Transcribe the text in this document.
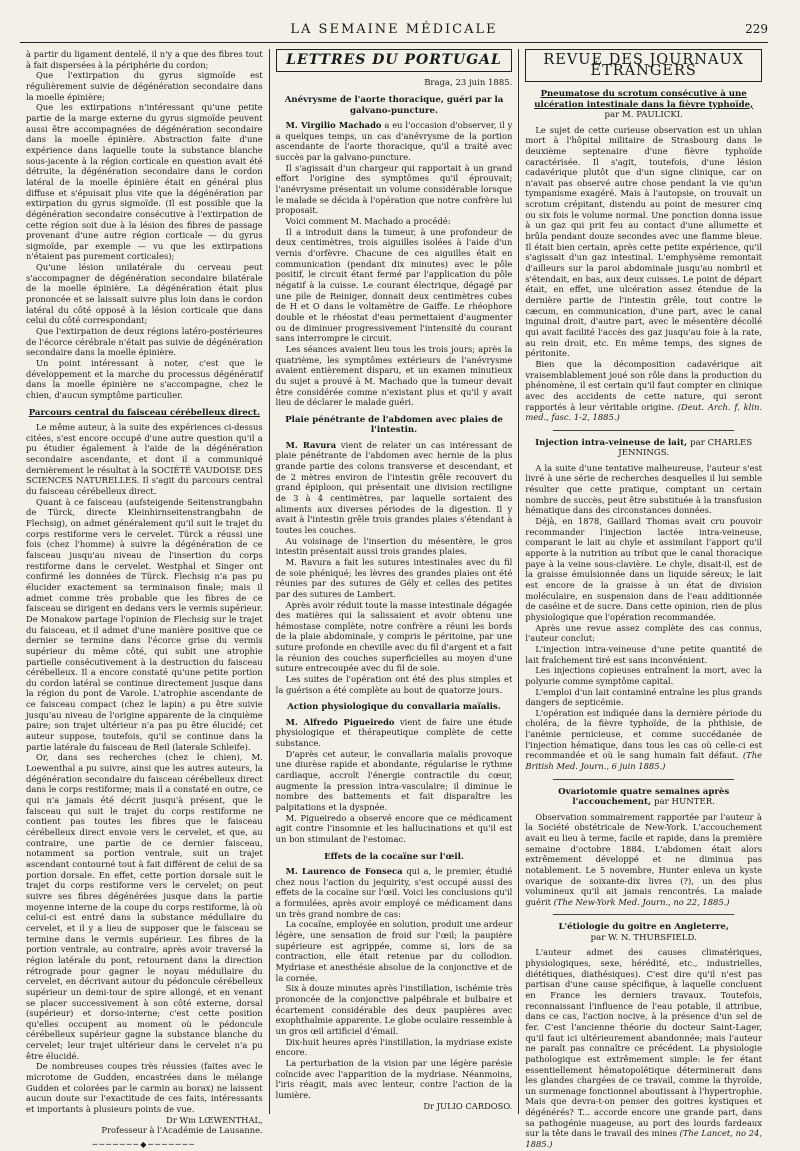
LA SEMAINE MÉDICALE	229

à partir du ligament dentelé, il n'y a que des fibres tout à fait dispersées à la périphérie du cordon;

Que l'extirpation du gyrus sigmoïde est régulièrement suivie de dégénération secondaire dans la moelle épinière;

Que les extirpations n'intéressant qu'une petite partie de la marge externe du gyrus sigmoïde peuvent aussi être accompagnées de dégénération secondaire dans la moelle épinière. Abstraction faite d'une expérience dans laquelle toute la substance blanche sous-jacente à la région corticale en question avait été détruite, la dégénération secondaire dans le cordon latéral de la moelle épinière était en général plus diffuse et s'épuisait plus vite que la dégénération par extirpation du gyrus sigmoïde. (Il est possible que la dégénération secondaire consécutive à l'extirpation de cette région soit due à la lésion des fibres de passage provenant d'une autre région corticale — du gyrus sigmoïde, par exemple — vu que les extirpations n'étaient pas purement corticales);

Qu'une lésion unilatérale du cerveau peut s'accompagner de dégénération secondaire bilatérale de la moelle épinière. La dégénération était plus prononcée et se laissait suivre plus loin dans le cordon latéral du côté opposé à la lésion corticale que dans celui du côté correspondant;

Que l'extirpation de deux régions latéro-postérieures de l'écorce cérébrale n'était pas suivie de dégénération secondaire dans la moelle épinière.

Un point intéressant à noter, c'est que le développement et la marche du processus dégénératif dans la moelle épinière ne s'accompagne, chez le chien, d'aucun symptôme particulier.

Parcours central du faisceau cérébelleux direct.

Le même auteur, à la suite des expériences ci-dessus citées, s'est encore occupé d'une autre question qu'il a pu étudier également à l'aide de la dégénération secondaire ascendante, et dont il a communiqué dernièrement le résultat à la SOCIÉTÉ VAUDOISE DES SCIENCES NATURELLES. Il s'agit du parcours central du faisceau cérébelleux direct.

Quant à ce faisceau (aufsteigende Seitenstrangbahn de Türck, directe Kleinhirnseitenstrangbahn de Flechsig), on admet généralement qu'il suit le trajet du corps restiforme vers le cervelet. Türck a réussi une fois (chez l'homme) à suivre la dégénération de ce faisceau jusqu'au niveau de l'insertion du corps restiforme dans le cervelet. Westphal et Singer ont confirmé les données de Türck. Flechsig n'a pas pu élucider exactement sa terminaison finale; mais il admet comme très probable que les fibres de ce faisceau se dirigent en dedans vers le vermis supérieur. De Monakow partage l'opinion de Flechsig sur le trajet du faisceau, et il admet d'une manière positive que ce dernier se termine dans l'écorce grise du vermis supérieur du même côté, qui subit une atrophie partielle consécutivement à la destruction du faisceau cérébelleux. Il a encore constaté qu'une petite portion du cordon latéral se continue directement jusque dans la région du pont de Varole. L'atrophie ascendante de ce faisceau compact (chez le lapin) a pu être suivie jusqu'au niveau de l'origine apparente de la cinquième paire; son trajet ultérieur n'a pas pu être élucidé; cet auteur suppose, toutefois, qu'il se continue dans la partie latérale du faisceau de Reil (laterale Schleife).

Or, dans ses recherches (chez le chien), M. Loewenthal a pu suivre, ainsi que les autres auteurs, la dégénération secondaire du faisceau cérébelleux direct dans le corps restiforme; mais il a constaté en outre, ce qui n'a jamais été décrit jusqu'à présent, que le faisceau qui suit le trajet du corps restiforme ne contient pas toutes les fibres que le faisceau cérébelleux direct envoie vers le cervelet, et que, au contraire, une partie de ce dernier faisceau, notamment sa portion ventrale, suit un trajet ascendant contourné tout à fait différent de celui de sa portion dorsale. En effet, cette portion dorsale suit le trajet du corps restiforme vers le cervelet; on peut suivre ses fibres dégénérées jusque dans la partie moyenne interne de la coupe du corps restiforme, là où celui-ci est entré dans la substance médullaire du cervelet, et il y a lieu de supposer que le faisceau se termine dans le vermis supérieur. Les fibres de la portion ventrale, au contraire, après avoir traversé la région latérale du pont, retournent dans la direction rétrograde pour gagner le noyau médullaire du cervelet, en décrivant autour du pédoncule cérébelleux supérieur un demi-tour de spire allongé, et en venant se placer successivement à son côté externe, dorsal (supérieur) et dorso-interne; c'est cette position qu'elles occupent au moment où le pédoncule cérébelleux supérieur gagne la substance blanche du cervelet; leur trajet ultérieur dans le cervelet n'a pu être élucidé.

De nombreuses coupes très réussies (faites avec le microtome de Gudden, encastrées dans le mélange Gudden et colorées par le carmin au borax) ne laissent aucun doute sur l'exactitude de ces faits, intéressants et importants à plusieurs points de vue.

Dr Wm LŒWENTHAL,

Professeur à l'Académie de Lausanne.

───────◆───────
LETTRES DU PORTUGAL
Braga, 23 juin 1885.
Anévrysme de l'aorte thoracique, guéri par la galvano-puncture.

M. Virgilio Machado a eu l'occasion d'observer, il y a quelques temps, un cas d'anévrysme de la portion ascendante de l'aorte thoracique, qu'il a traité avec succès par la galvano-puncture.

Il s'agissait d'un chargeur qui rapportait à un grand effort l'origine des symptômes qu'il éprouvait; l'anévrysme présentait un volume considérable lorsque le malade se décida à l'opération que notre confrère lui proposait.

Voici comment M. Machado a procédé:

Il a introduit dans la tumeur, à une profondeur de deux centimètres, trois aiguilles isolées à l'aide d'un vernis d'orfèvre. Chacune de ces aiguilles était en communication (pendant dix minutes) avec le pôle positif, le circuit étant fermé par l'application du pôle négatif à la cuisse. Le courant électrique, dégagé par une pile de Reiniger, donnait deux centimètres cubes de H et O dans le voltamètre de Gaiffe. Le rhéophore double et le rhéostat d'eau permettaient d'augmenter ou de diminuer progressivement l'intensité du courant sans interrompre le circuit.

Les séances avaient lieu tous les trois jours; après la quatrième, les symptômes extérieurs de l'anévrysme avaient entièrement disparu, et un examen minutieux du sujet a prouvé à M. Machado que la tumeur devait être considérée comme n'existant plus et qu'il y avait lieu de déclarer le malade guéri.

Plaie pénétrante de l'abdomen avec plaies de l'intestin.

M. Ravura vient de relater un cas intéressant de plaie pénétrante de l'abdomen avec hernie de la plus grande partie des colons transverse et descendant, et de 2 mètres environ de l'intestin grêle recouvert du grand épiploon, qui présentait une division rectiligne de 3 à 4 centimètres, par laquelle sortaient des aliments aux diverses périodes de la digestion. Il y avait à l'intestin grêle trois grandes plaies s'étendant à toutes les couches.

Au voisinage de l'insertion du mésentère, le gros intestin présentait aussi trois grandes plaies.

M. Ravura a fait les sutures intestinales avec du fil de soie phéniqué; les lèvres des grandes plaies ont été réunies par des sutures de Gély et celles des petites par des sutures de Lambert.

Après avoir réduit toute la masse intestinale dégagée des matières qui la salissaient et avoir obtenu une hémostase complète, notre confrère a réuni les bords de la plaie abdominale, y compris le péritoine, par une suture profonde en cheville avec du fil d'argent et a fait la réunion des couches superficielles au moyen d'une suture entrecoupée avec du fil de soie.

Les suites de l'opération ont été des plus simples et la guérison a été complète au bout de quatorze jours.

Action physiologique du convallaria maïalis.

M. Alfredo Pigueiredo vient de faire une étude physiologique et thérapeutique complète de cette substance.

D'après cet auteur, le convallaria maïalis provoque une diurèse rapide et abondante, régularise le rythme cardiaque, accroît l'énergie contractile du cœur, augmente la pression intra-vasculaire; il diminue le nombre des battements et fait disparaître les palpitations et la dyspnée.

M. Pigueiredo a observé encore que ce médicament agit contre l'insomnie et les hallucinations et qu'il est un bon stimulant de l'estomac.

Effets de la cocaïne sur l'œil.

M. Laurenco de Fonseca qui a, le premier, étudié chez nous l'action du jequirity, s'est occupé aussi des effets de la cocaïne sur l'œil. Voici les conclusions qu'il a formulées, après avoir employé ce médicament dans un très grand nombre de cas:

La cocaïne, employée en solution, produit une ardeur légère, une sensation de froid sur l'œil; la paupière supérieure est agrippée, comme si, lors de sa contraction, elle était retenue par du collodion. Mydriase et anesthésie absolue de la conjonctive et de la cornée.

Six à douze minutes après l'instillation, ischémie très prononcée de la conjonctive palpébrale et bulbaire et écartement considérable des deux paupières avec exophthalmie apparente. Le globe oculaire ressemble à un gros œil artificiel d'émail.

Dix-huit heures après l'instillation, la mydriase existe encore.

La perturbation de la vision par une légère parésie coïncide avec l'apparition de la mydriase. Néanmoins, l'iris réagit, mais avec lenteur, contre l'action de la lumière.

Dr JULIO CARDOSO.

REVUE DES JOURNAUX ÉTRANGERS
Pneumatose du scrotum consécutive à une ulcération intestinale dans la fièvre typhoïde,
par M. PAULICKI.

Le sujet de cette curieuse observation est un uhlan mort à l'hôpital militaire de Strasbourg dans le deuxième septenaire d'une fièvre typhoïde caractérisée. Il s'agit, toutefois, d'une lésion cadavérique plutôt que d'un signe clinique, car on n'avait pas observé autre chose pendant la vie qu'un tympanisme exagéré. Mais à l'autopsie, on trouvait un scrotum crépitant, distendu au point de mesurer cinq ou six fois le volume normal. Une ponction donna issue à un gaz qui prit feu au contact d'une allumette et brûla pendant douze secondes avec une flamme bleue. Il était bien certain, après cette petite expérience, qu'il s'agissait d'un gaz intestinal. L'emphysème remontait d'ailleurs sur la paroi abdominale jusqu'au nombril et s'étendait, en bas, aux deux cuisses. Le point de départ était, en effet, une ulcération assez étendue de la dernière partie de l'intestin grêle, tout contre le cæcum, en communication, d'une part, avec le canal inguinal droit, d'autre part, avec le mésentère décollé qui avait facilité l'accès des gaz jusqu'au foie à la rate, au rein droit, etc. En même temps, des signes de péritonite.

Bien que la décomposition cadavérique ait vraisemblablement joué son rôle dans la production du phénomène, il est certain qu'il faut compter en clinique avec des accidents de cette nature, qui seront rapportés à leur véritable origine. (Deut. Arch. f. klin. med., fasc. 1-2, 1885.)

Injection intra-veineuse de lait, par CHARLES JENNINGS.

A la suite d'une tentative malheureuse, l'auteur s'est livré à une série de recherches desquelles il lui semble résulter que cette pratique, comptant un certain nombre de succès, peut être substituée à la transfusion hématique dans des circonstances données.

Déjà, en 1878, Gaillard Thomas avait cru pouvoir recommander l'injection lactée intra-veineuse, comparant le lait au chyle et assimilant l'apport qu'il apporte à la nutrition au tribut que le canal thoracique paye à la veine sous-clavière. Le chyle, disait-il, est de la graisse émulsionnée dans un liquide séreux; le lait est encore de la graisse à un état de division moléculaire, en suspension dans de l'eau additionnée de caséine et de sucre. Dans cette opinion, rien de plus physiologique que l'opération recommandée.

Après une revue assez complète des cas connus, l'auteur conclut:

L'injection intra-veineuse d'une petite quantité de lait fraîchement tiré est sans inconvénient.

Les injections copieuses entraînent la mort, avec la polyurie comme symptôme capital.

L'emploi d'un lait contaminé entraîne les plus grands dangers de septicémie.

L'opération est indiquée dans la dernière période du choléra, de la fièvre typhoïde, de la phthisie, de l'anémie pernicieuse, et comme succédanée de l'injection hématique, dans tous les cas où celle-ci est recommandée et où le sang humain fait défaut. (The British Med. Journ., 6 juin 1885.)

Ovariotomie quatre semaines après l'accouchement, par HUNTER.

Observation sommairement rapportée par l'auteur à la Société obstétricale de New-York. L'accouchement avait eu lieu à terme, facile et rapide, dans la première semaine d'octobre 1884. L'abdomen était alors extrêmement développé et ne diminua pas notablement. Le 5 novembre, Hunter enleva un kyste ovarique de soixante-dix livres (?), un des plus volumineux qu'il ait jamais rencontrés. La malade guérit (The New-York Med. Journ., no 22, 1885.)

L'étiologie du goitre en Angleterre,
par W. N. THURSFIELD.

L'auteur admet des causes climatériques, physiologiques, sexe, hérédité, etc., industrielles, diététiques, diathésiques). C'est dire qu'il n'est pas partisan d'une cause spécifique, à laquelle concluent en France les derniers travaux. Toutefois, reconnaissant l'influence de l'eau potable, il attribue, dans ce cas, l'action nocive, à la présence d'un sel de fer. C'est l'ancienne théorie du docteur Saint-Lager, qu'il faut ici ultérieurement abandonnée; mais l'auteur ne paraît pas connaître ce précédent. La physiologie pathologique est extrêmement simple: le fer étant essentiellement hématopoïétique déterminerait dans les glandes chargées de ce travail, comme la thyroïde, un surmenage fonctionnel aboutissant à l'hypertrophie. Mais que devra-t-on penser des goitres kystiques et dégénérés? T... accorde encore une grande part, dans sa pathogénie nuageuse, au port des lourds fardeaux sur la tête dans le travail des mines (The Lancet, no 24, 1885.)
